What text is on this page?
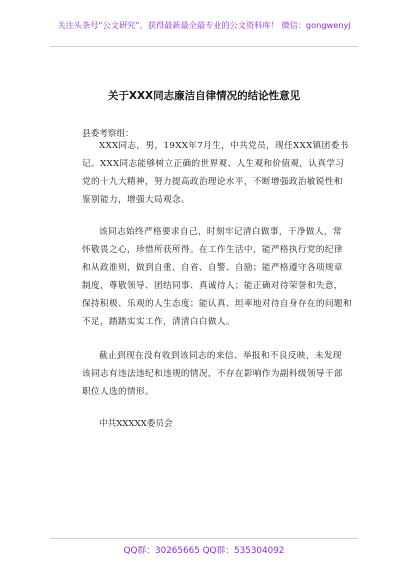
关注头条号“公文研究”，获得最新最全最专业的公文资料库！ 微信：gongwenyj
关于XXX同志廉洁自律情况的结论性意见
县委考察组：
XXX同志，男，19XX年7月生，中共党员，现任XXX镇团委书
记。XXX同志能够树立正确的世界观、人生观和价值观，认真学习
党的十九大精神，努力提高政治理论水平，不断增强政治敏锐性和
鉴别能力，增强大局观念。
该同志始终严格要求自己，时刻牢记清白做事，干净做人，常
怀敬畏之心，珍惜所获所得。在工作生活中，能严格执行党的纪律
和从政准则，做到自重、自省、自警、自励；能严格遵守各项规章
制度，尊敬领导、团结同事、真诚待人；能正确对待荣誉和失意，
保持积极、乐观的人生态度；能认真、坦率地对待自身存在的问题和
不足，踏踏实实工作，清清白白做人。
截止到现在没有收到该同志的来信、举报和不良反映，未发现
该同志有违法违纪和违规的情况，不存在影响作为副科级领导干部
职位人选的情形。
中共XXXXX委员会
QQ群：30265665 QQ群：535304092
